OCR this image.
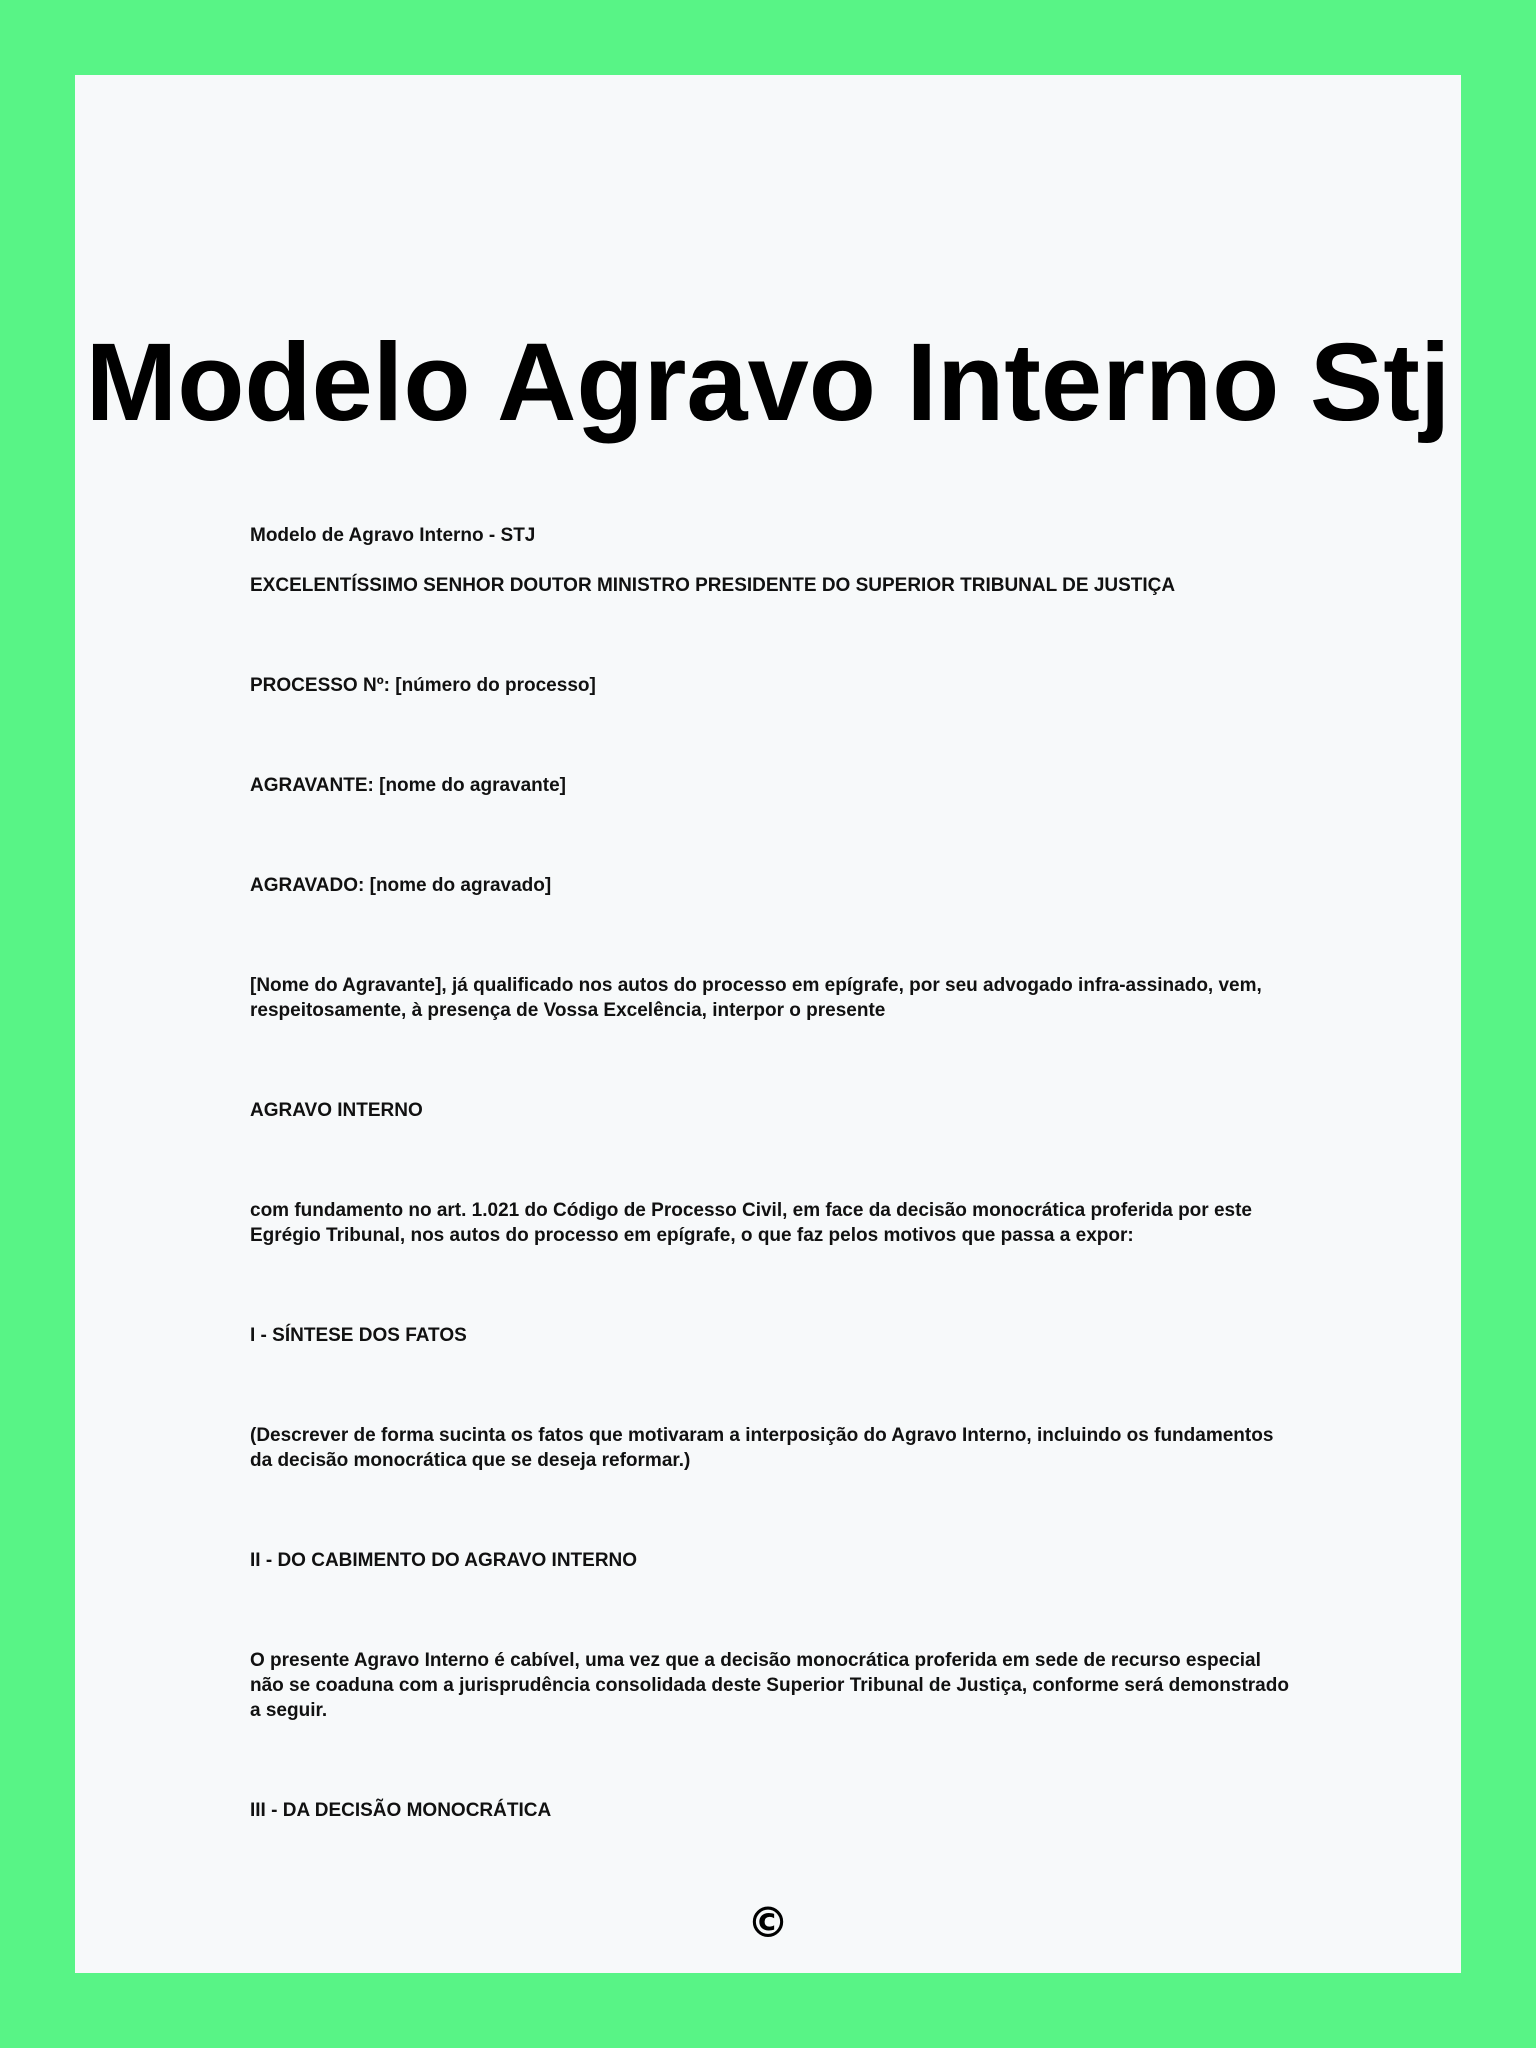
Modelo Agravo Interno Stj

Modelo de Agravo Interno - STJ

EXCELENTÍSSIMO SENHOR DOUTOR MINISTRO PRESIDENTE DO SUPERIOR TRIBUNAL DE JUSTIÇA

PROCESSO Nº: [número do processo]

AGRAVANTE: [nome do agravante]

AGRAVADO: [nome do agravado]

[Nome do Agravante], já qualificado nos autos do processo em epígrafe, por seu advogado infra-assinado, vem, respeitosamente, à presença de Vossa Excelência, interpor o presente

AGRAVO INTERNO

com fundamento no art. 1.021 do Código de Processo Civil, em face da decisão monocrática proferida por este Egrégio Tribunal, nos autos do processo em epígrafe, o que faz pelos motivos que passa a expor:

I - SÍNTESE DOS FATOS

(Descrever de forma sucinta os fatos que motivaram a interposição do Agravo Interno, incluindo os fundamentos da decisão monocrática que se deseja reformar.)

II - DO CABIMENTO DO AGRAVO INTERNO

O presente Agravo Interno é cabível, uma vez que a decisão monocrática proferida em sede de recurso especial não se coaduna com a jurisprudência consolidada deste Superior Tribunal de Justiça, conforme será demonstrado a seguir.

III - DA DECISÃO MONOCRÁTICA

©
